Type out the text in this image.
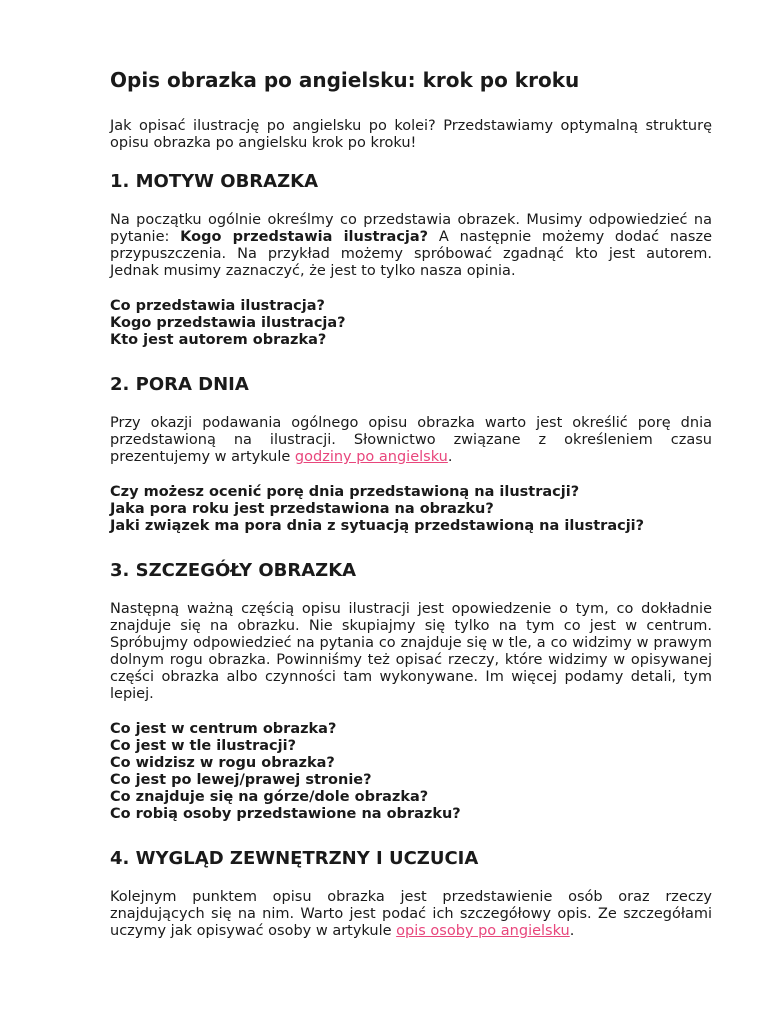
Opis obrazka po angielsku: krok po kroku

Jak opisać ilustrację po angielsku po kolei? Przedstawiamy optymalną strukturę opisu obrazka po angielsku krok po kroku!

1. MOTYW OBRAZKA

Na początku ogólnie określmy co przedstawia obrazek. Musimy odpowiedzieć na pytanie: Kogo przedstawia ilustracja? A następnie możemy dodać nasze przypuszczenia. Na przykład możemy spróbować zgadnąć kto jest autorem. Jednak musimy zaznaczyć, że jest to tylko nasza opinia.

Co przedstawia ilustracja?
Kogo przedstawia ilustracja?
Kto jest autorem obrazka?
2. PORA DNIA

Przy okazji podawania ogólnego opisu obrazka warto jest określić porę dnia przedstawioną na ilustracji. Słownictwo związane z określeniem czasu prezentujemy w artykule godziny po angielsku.

Czy możesz ocenić porę dnia przedstawioną na ilustracji?
Jaka pora roku jest przedstawiona na obrazku?
Jaki związek ma pora dnia z sytuacją przedstawioną na ilustracji?
3. SZCZEGÓŁY OBRAZKA

Następną ważną częścią opisu ilustracji jest opowiedzenie o tym, co dokładnie znajduje się na obrazku. Nie skupiajmy się tylko na tym co jest w centrum. Spróbujmy odpowiedzieć na pytania co znajduje się w tle, a co widzimy w prawym dolnym rogu obrazka. Powinniśmy też opisać rzeczy, które widzimy w opisywanej części obrazka albo czynności tam wykonywane. Im więcej podamy detali, tym lepiej.

Co jest w centrum obrazka?
Co jest w tle ilustracji?
Co widzisz w rogu obrazka?
Co jest po lewej/prawej stronie?
Co znajduje się na górze/dole obrazka?
Co robią osoby przedstawione na obrazku?
4. WYGLĄD ZEWNĘTRZNY I UCZUCIA

Kolejnym punktem opisu obrazka jest przedstawienie osób oraz rzeczy znajdujących się na nim. Warto jest podać ich szczegółowy opis. Ze szczegółami uczymy jak opisywać osoby w artykule opis osoby po angielsku.
